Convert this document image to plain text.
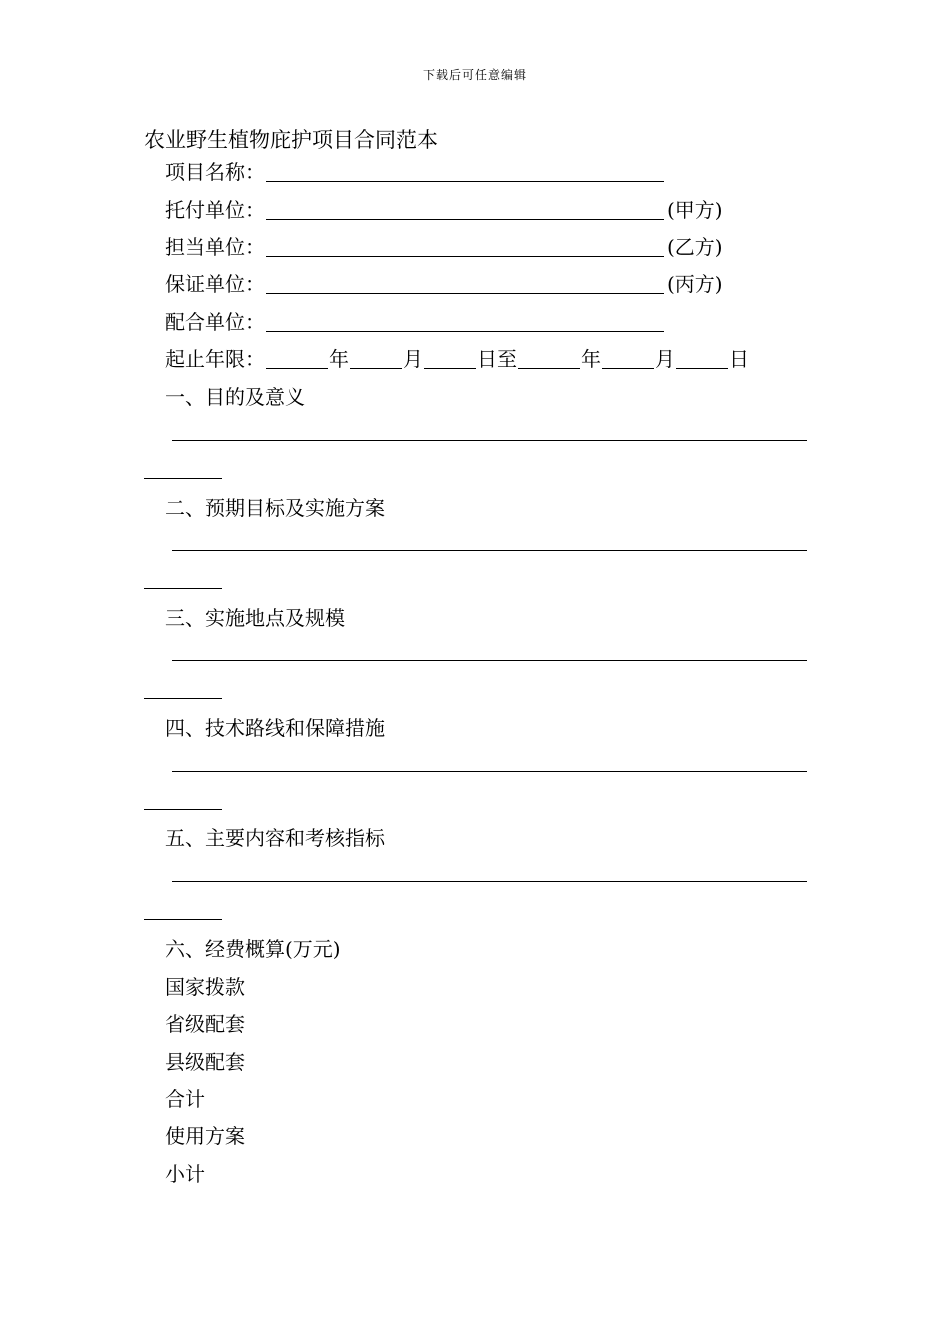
下载后可任意编辑
农业野生植物庇护项目合同范本
项目名称：
托付单位：	(甲方)
担当单位：	(乙方)
保证单位：	(丙方)
配合单位：
起止年限：	年	月	日至	年	月	日
一、目的及意义
二、预期目标及实施方案
三、实施地点及规模
四、技术路线和保障措施
五、主要内容和考核指标
六、经费概算(万元)
国家拨款
省级配套
县级配套
合计
使用方案
小计
